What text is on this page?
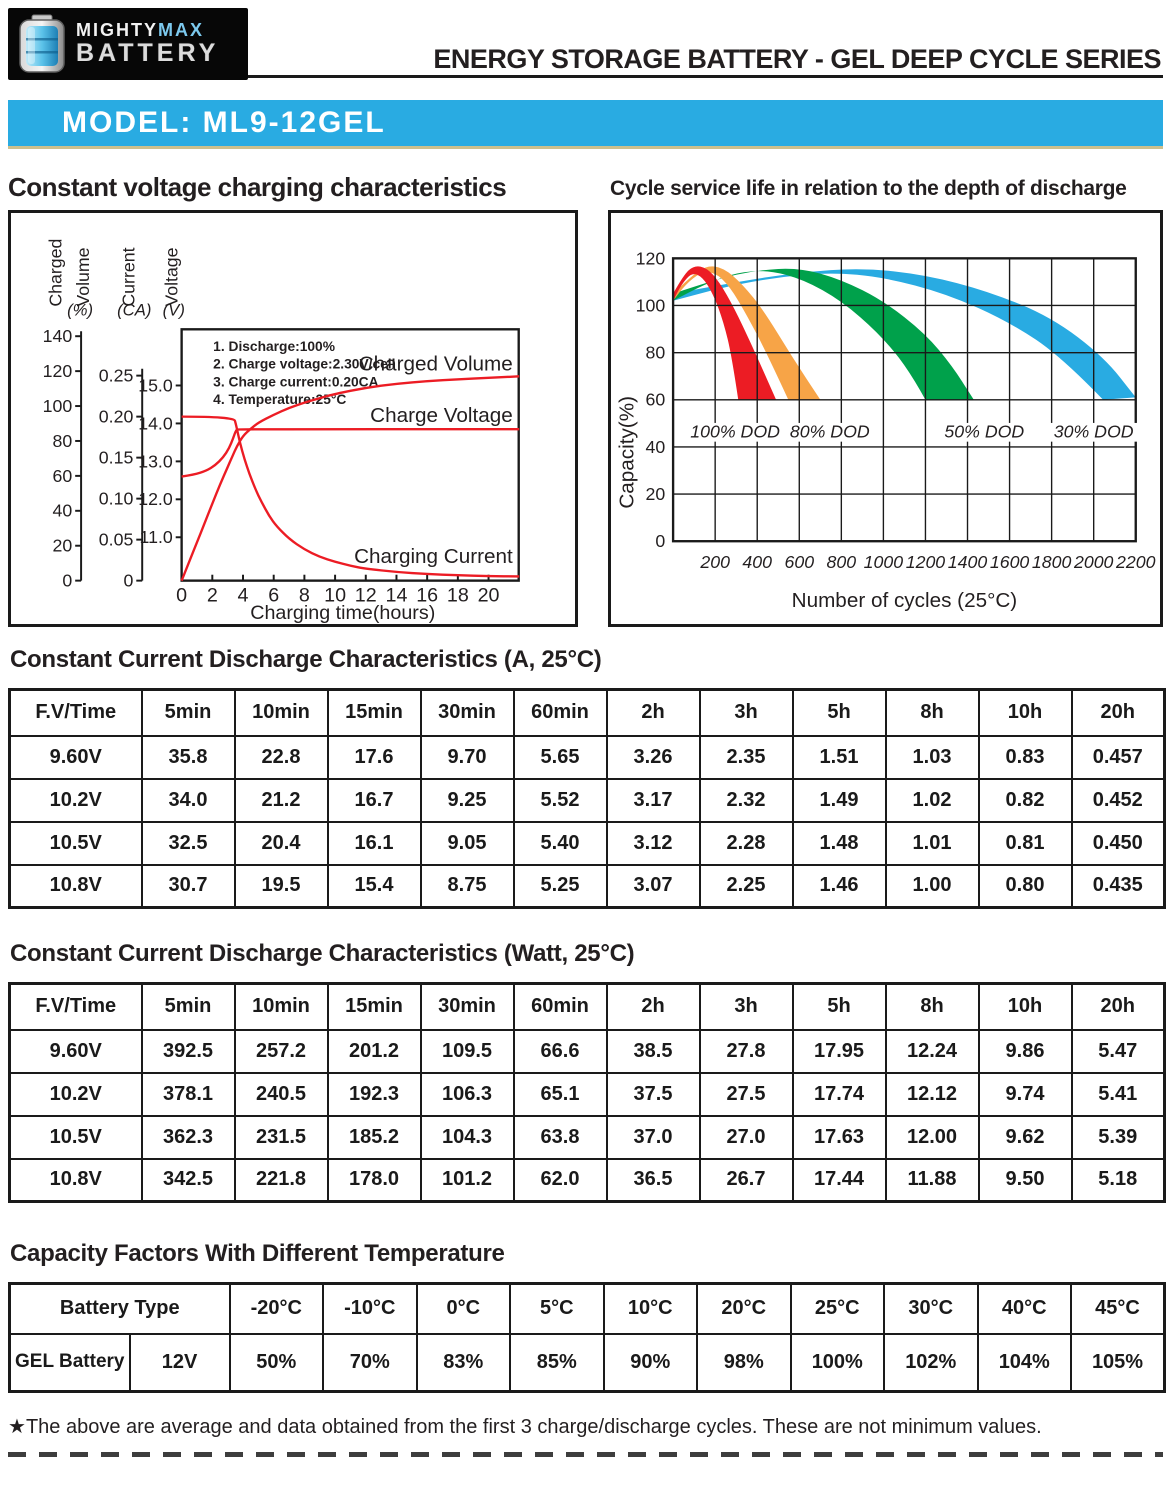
MIGHTYMAX
BATTERY	ENERGY STORAGE BATTERY - GEL DEEP CYCLE SERIES
MODEL: ML9-12GEL
Constant voltage charging characteristics	Cycle service life in relation to the depth of discharge
0
20
40
60
80
100
120
140
0
0.05
0.10
0.15
0.20
0.25
11.0
12.0
13.0
14.0
15.0
0 2 4 6 8 10 12 14 16 18 20
Charging time(hours)
Charged Volume
(%)
Current
(CA)
Voltage
(V)
1. Discharge:100%
2. Charge voltage:2.30V/cell
3. Charge current:0.20CA
4. Temperature:25°C
Charged Volume
Charge Voltage
Charging Current
0
20
40
60
80
100
120
200 400 600 800 1000 1200 1400 1600 1800 2000 2200
100% DOD 80% DOD	50% DOD 30% DOD
Number of cycles (25°C)
Capacity(%)
Constant Current Discharge Characteristics (A, 25°C)
F.V/Time	5min	10min	15min	30min	60min	2h	3h	5h	8h	10h	20h
9.60V	35.8	22.8	17.6	9.70	5.65	3.26	2.35	1.51	1.03	0.83	0.457
10.2V	34.0	21.2	16.7	9.25	5.52	3.17	2.32	1.49	1.02	0.82	0.452
10.5V	32.5	20.4	16.1	9.05	5.40	3.12	2.28	1.48	1.01	0.81	0.450
10.8V	30.7	19.5	15.4	8.75	5.25	3.07	2.25	1.46	1.00	0.80	0.435
Constant Current Discharge Characteristics (Watt, 25°C)
F.V/Time	5min	10min	15min	30min	60min	2h	3h	5h	8h	10h	20h
9.60V	392.5	257.2	201.2	109.5	66.6	38.5	27.8	17.95	12.24	9.86	5.47
10.2V	378.1	240.5	192.3	106.3	65.1	37.5	27.5	17.74	12.12	9.74	5.41
10.5V	362.3	231.5	185.2	104.3	63.8	37.0	27.0	17.63	12.00	9.62	5.39
10.8V	342.5	221.8	178.0	101.2	62.0	36.5	26.7	17.44	11.88	9.50	5.18
Capacity Factors With Different Temperature
Battery Type		-20°C	-10°C	0°C	5°C	10°C	20°C	25°C	30°C	40°C	45°C
GEL Battery	12V	50%	70%	83%	85%	90%	98%	100%	102%	104%	105%

★The above are average and data obtained from the first 3 charge/discharge cycles. These are not minimum values.
